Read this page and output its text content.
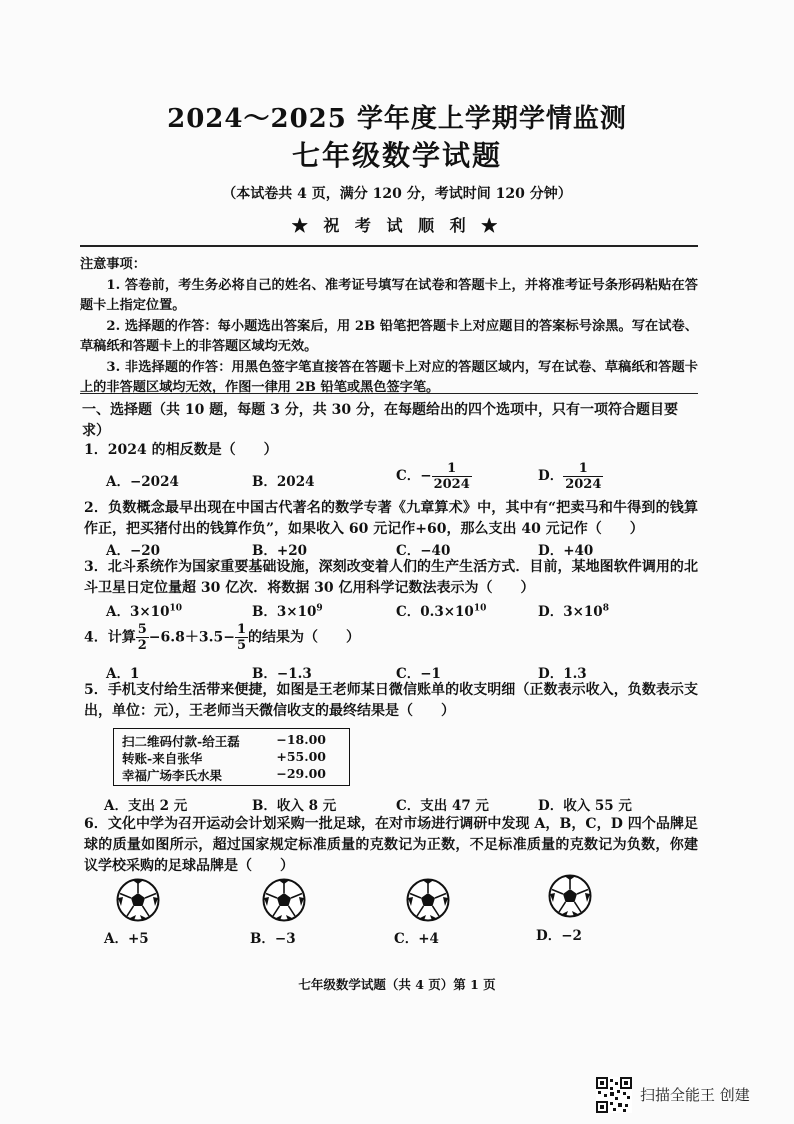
2024～2025 学年度上学期学情监测
七年级数学试题
（本试卷共 4 页，满分 120 分，考试时间 120 分钟）
★ 祝 考 试 顺 利 ★

注意事项：

1. 答卷前，考生务必将自己的姓名、准考证号填写在试卷和答题卡上，并将准考证号条形码粘贴在答题卡上指定位置。

2. 选择题的作答：每小题选出答案后，用 2B 铅笔把答题卡上对应题目的答案标号涂黑。写在试卷、草稿纸和答题卡上的非答题区域均无效。

3. 非选择题的作答：用黑色签字笔直接答在答题卡上对应的答题区域内，写在试卷、草稿纸和答题卡上的非答题区域均无效，作图一律用 2B 铅笔或黑色签字笔。

一、选择题（共 10 题，每题 3 分，共 30 分，在每题给出的四个选项中，只有一项符合题目要求）
1．2024 的相反数是（　　）
A．−2024	B．2024	C．− $\frac{1}{2024}$	D． $\frac{1}{2024}$
2．负数概念最早出现在中国古代著名的数学专著《九章算术》中，其中有“把卖马和牛得到的钱算作正，把买猪付出的钱算作负”，如果收入 60 元记作+60，那么支出 40 元记作（　　）
A．−20	B．+20	C．−40	D．+40
3．北斗系统作为国家重要基础设施，深刻改变着人们的生产生活方式．目前，某地图软件调用的北斗卫星日定位量超 30 亿次．将数据 30 亿用科学记数法表示为（　　）
A．$3\times 10^{10}$	B．$3\times 10^9$	C．$0.3\times 10^{10}$	D．$3\times 10^8$
4．计算 $\frac{5}{2} -6.8+3.5- \frac{1}{5}$ 的结果为（　　）
A．1	B．−1.3	C．−1	D．1.3
5．手机支付给生活带来便捷，如图是王老师某日微信账单的收支明细（正数表示收入，负数表示支出，单位：元），王老师当天微信收支的最终结果是（　　）
扫二维码付款-给王磊	−18.00
转账-来自张华	+55.00
幸福广场李氏水果	−29.00
A．支出 2 元	B．收入 8 元	C．支出 47 元	D．收入 55 元
6．文化中学为召开运动会计划采购一批足球，在对市场进行调研中发现 A，B，C，D 四个品牌足球的质量如图所示，超过国家规定标准质量的克数记为正数，不足标准质量的克数记为负数，你建议学校采购的足球品牌是（　　）
A．+5	B．−3	C．+4	D．−2
七年级数学试题（共 4 页）第 1 页
扫描全能王 创建
